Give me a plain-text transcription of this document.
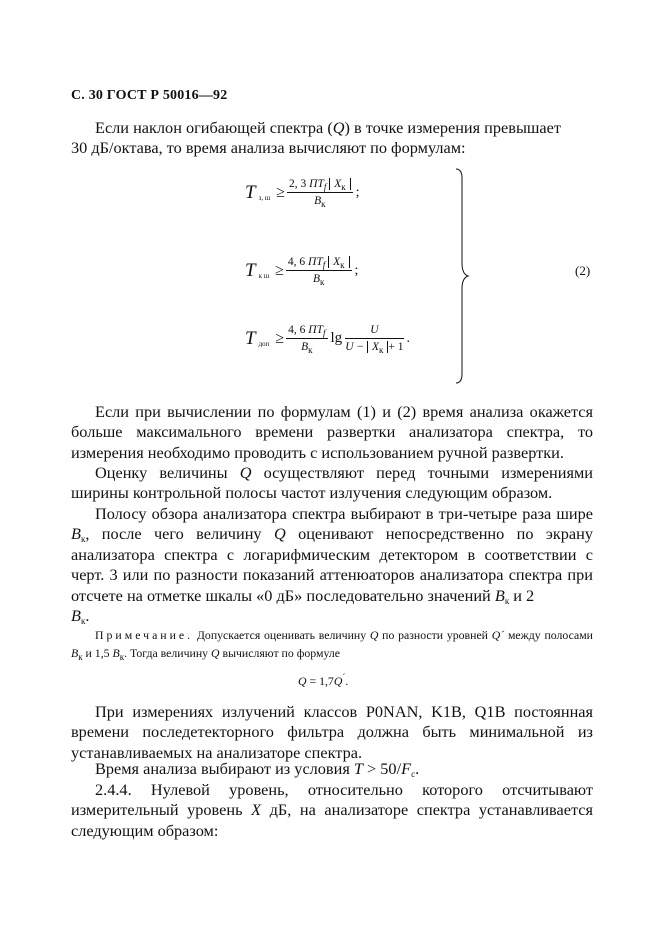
С. 30 ГОСТ Р 50016—92

Если наклон огибающей спектра (Q) в точке измерения превышает
30 дБ/октава, то время анализа вычисляют по формулам:

T з, $ш \ge \frac{2, 3 ПТ_f X_к}{B_к}$ ;
T к $ш \ge \frac{4, 6 ПТ_f X_к}{B_к}$ ;
T доп ≥ $\frac{4, 6 ПТ_f}{B_к}$ $\lg \frac{U}{U - X_к + 1}$ .
(2)

Если при вычислении по формулам (1) и (2) время анализа окажется больше максимального времени развертки анализатора спектра, то измерения необходимо проводить с использованием ручной развертки.

Оценку величины Q осуществляют перед точными измерениями ширины контрольной полосы частот излучения следующим образом.

Полосу обзора анализатора спектра выбирают в три-четыре раза шире $B_к$, после чего величину Q оценивают непосредственно по экрану анализатора спектра с логарифмическим детектором в соответствии с черт. 3 или по разности показаний аттенюаторов анализатора спектра при отсчете на отметке шкалы «0 дБ» последовательно значений $B_к$ и 2
$B_к$.

Примечание. Допускается оценивать величину Q по разности уровней Q´ между полосами $B_к$ и 1,5 $B_к$. Тогда величину Q вычисляют по формуле

Q = 1,7Q´.

При измерениях излучений классов P0NAN, K1B, Q1B постоянная времени последетекторного фильтра должна быть минимальной из устанавливаемых на анализаторе спектра.

Время анализа выбирают из условия $T > 50/F_c$.

2.4.4. Нулевой уровень, относительно которого отсчитывают измерительный уровень X дБ, на анализаторе спектра устанавливается следующим образом:
